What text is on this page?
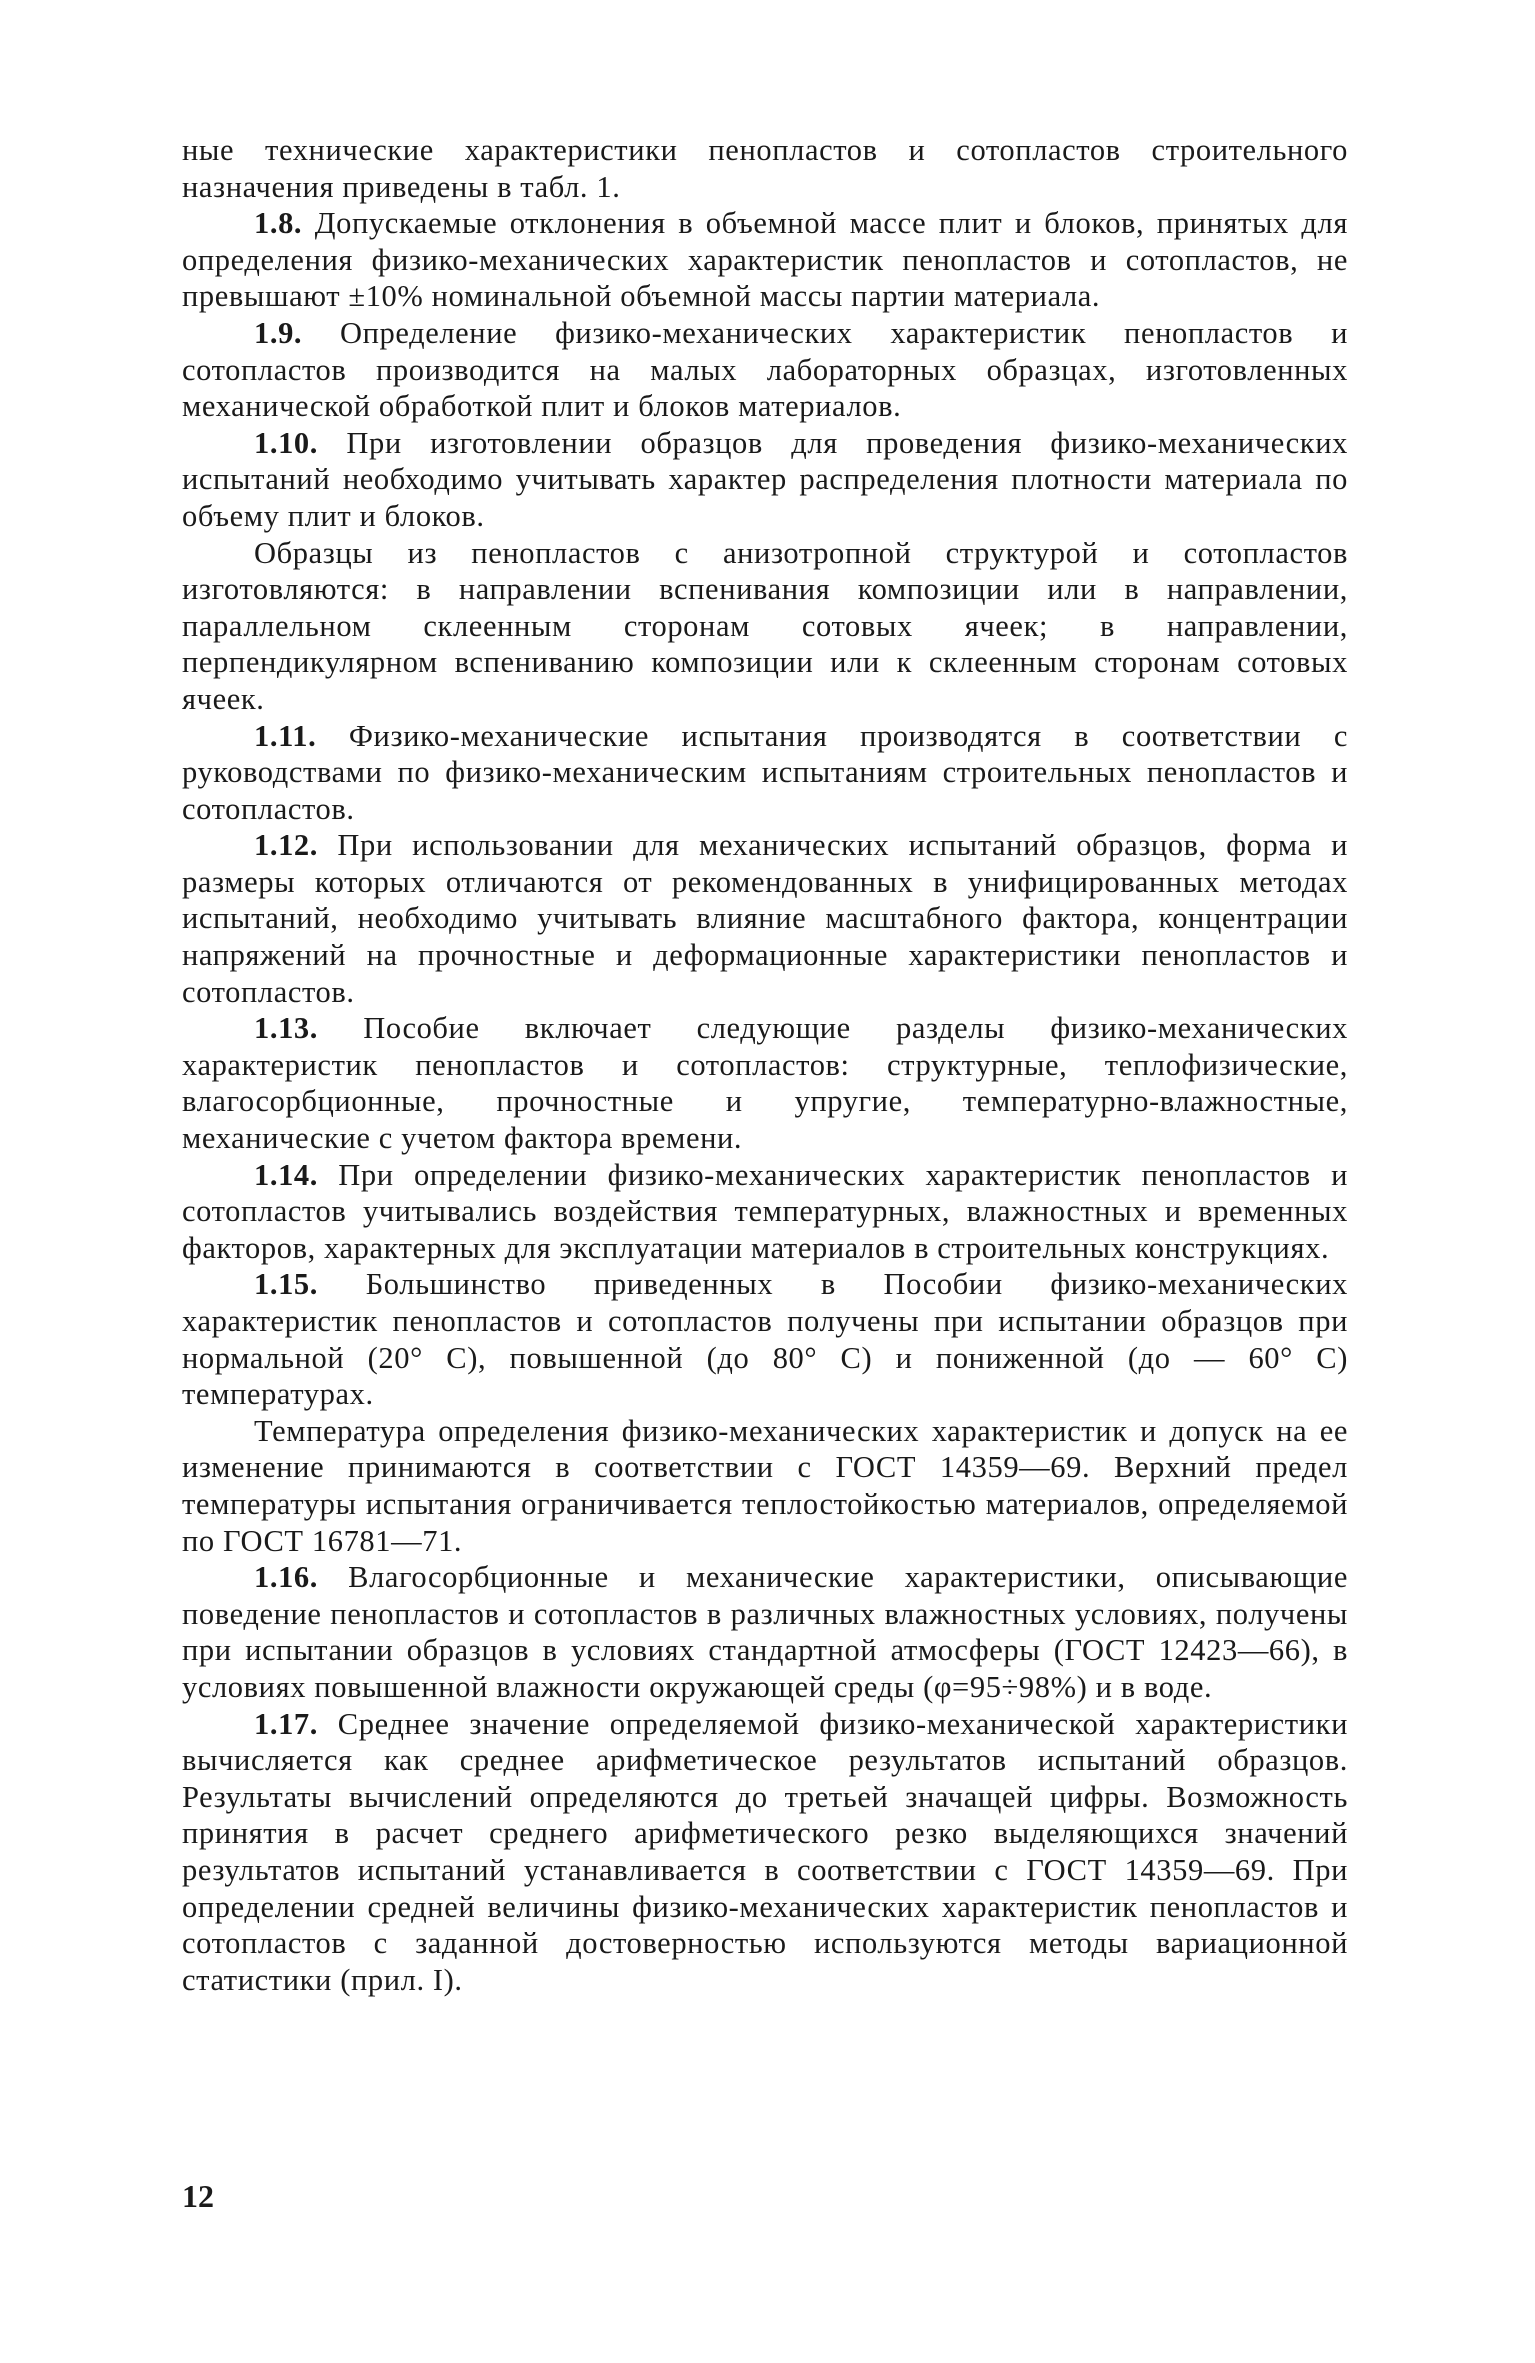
ные технические характеристики пенопластов и сотопластов строительного назначения приведены в табл. 1.

1.8. Допускаемые отклонения в объемной массе плит и блоков, принятых для определения физико-механических характеристик пенопластов и сотопластов, не превышают ±10% номинальной объемной массы партии материала.

1.9. Определение физико-механических характеристик пенопластов и сотопластов производится на малых лабораторных образцах, изготовленных механической обработкой плит и блоков материалов.

1.10. При изготовлении образцов для проведения физико-механических испытаний необходимо учитывать характер распределения плотности материала по объему плит и блоков.

Образцы из пенопластов с анизотропной структурой и сотопластов изготовляются: в направлении вспенивания композиции или в направлении, параллельном склеенным сторонам сотовых ячеек; в направлении, перпендикулярном вспениванию композиции или к склеенным сторонам сотовых ячеек.

1.11. Физико-механические испытания производятся в соответствии с руководствами по физико-механическим испытаниям строительных пенопластов и сотопластов.

1.12. При использовании для механических испытаний образцов, форма и размеры которых отличаются от рекомендованных в унифицированных методах испытаний, необходимо учитывать влияние масштабного фактора, концентрации напряжений на прочностные и деформационные характеристики пенопластов и сотопластов.

1.13. Пособие включает следующие разделы физико-механических характеристик пенопластов и сотопластов: структурные, теплофизические, влагосорбционные, прочностные и упругие, температурно-влажностные, механические с учетом фактора времени.

1.14. При определении физико-механических характеристик пенопластов и сотопластов учитывались воздействия температурных, влажностных и временных факторов, характерных для эксплуатации материалов в строительных конструкциях.

1.15. Большинство приведенных в Пособии физико-механических характеристик пенопластов и сотопластов получены при испытании образцов при нормальной (20° С), повышенной (до 80° С) и пониженной (до — 60° С) температурах.

Температура определения физико-механических характеристик и допуск на ее изменение принимаются в соответствии с ГОСТ 14359—69. Верхний предел температуры испытания ограничивается теплостойкостью материалов, определяемой по ГОСТ 16781—71.

1.16. Влагосорбционные и механические характеристики, описывающие поведение пенопластов и сотопластов в различных влажностных условиях, получены при испытании образцов в условиях стандартной атмосферы (ГОСТ 12423—66), в условиях повышенной влажности окружающей среды (φ=95÷98%) и в воде.

1.17. Среднее значение определяемой физико-механической характеристики вычисляется как среднее арифметическое результатов испытаний образцов. Результаты вычислений определяются до третьей значащей цифры. Возможность принятия в расчет среднего арифметического резко выделяющихся значений результатов испытаний устанавливается в соответствии с ГОСТ 14359—69. При определении средней величины физико-механических характеристик пенопластов и сотопластов с заданной достоверностью используются методы вариационной статистики (прил. I).

12
